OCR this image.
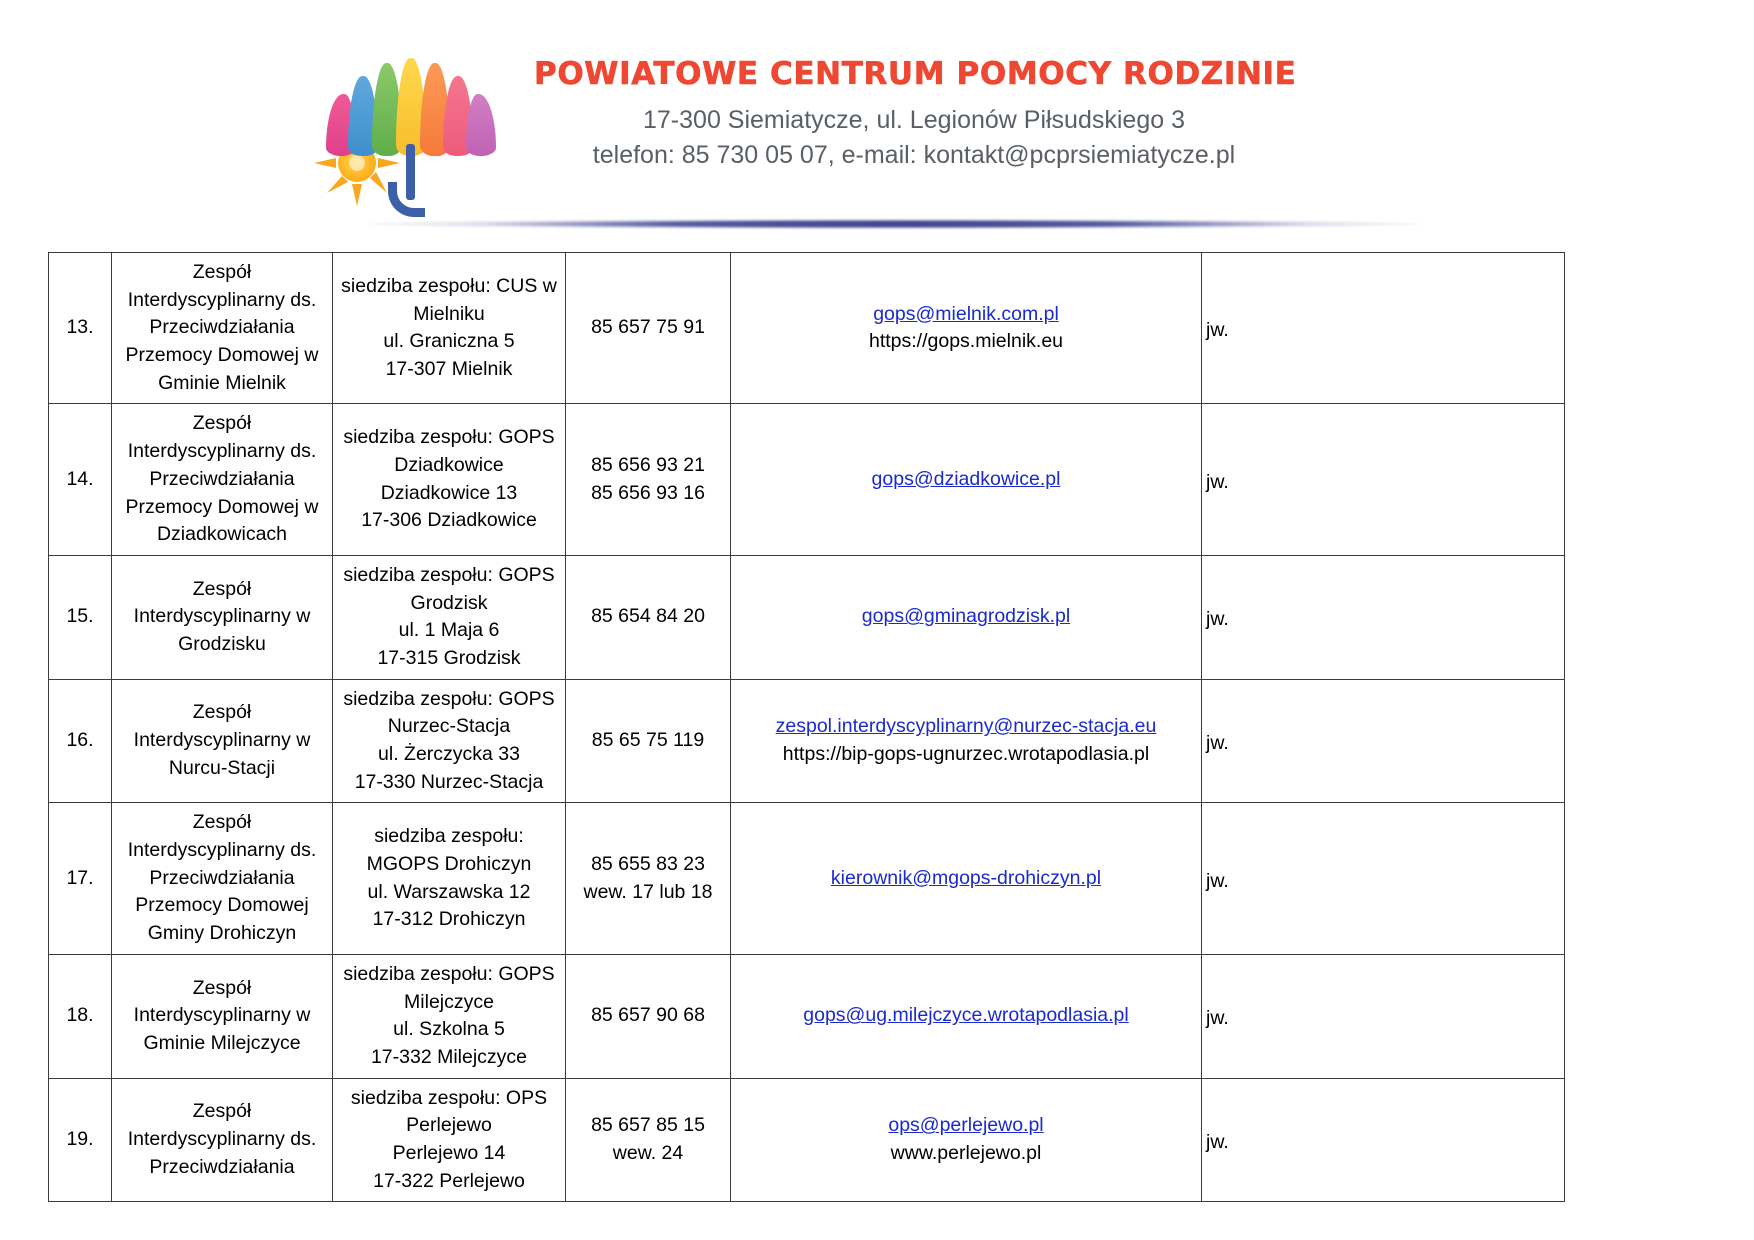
POWIATOWE CENTRUM POMOCY RODZINIE
17-300 Siemiatycze, ul. Legionów Piłsudskiego 3
telefon: 85 730 05 07, e-mail: kontakt@pcprsiemiatycze.pl
13.	Zespół
Interdyscyplinarny ds.
Przeciwdziałania
Przemocy Domowej w
Gminie Mielnik	siedziba zespołu: CUS w
Mielniku
ul. Graniczna 5
17-307 Mielnik	85 657 75 91	gops@mielnik.com.pl
https://gops.mielnik.eu	jw.

14.	Zespół
Interdyscyplinarny ds.
Przeciwdziałania
Przemocy Domowej w
Dziadkowicach	siedziba zespołu: GOPS
Dziadkowice
Dziadkowice 13
17-306 Dziadkowice	85 656 93 21
85 656 93 16	gops@dziadkowice.pl	jw.

15.	Zespół
Interdyscyplinarny w
Grodzisku	siedziba zespołu: GOPS
Grodzisk
ul. 1 Maja 6
17-315 Grodzisk	85 654 84 20	gops@gminagrodzisk.pl	jw.

16.	Zespół
Interdyscyplinarny w
Nurcu-Stacji	siedziba zespołu: GOPS
Nurzec-Stacja
ul. Żerczycka 33
17-330 Nurzec-Stacja	85 65 75 119	zespol.interdyscyplinarny@nurzec-stacja.eu
https://bip-gops-ugnurzec.wrotapodlasia.pl	jw.

17.	Zespół
Interdyscyplinarny ds.
Przeciwdziałania
Przemocy Domowej
Gminy Drohiczyn	siedziba zespołu:
MGOPS Drohiczyn
ul. Warszawska 12
17-312 Drohiczyn	85 655 83 23
wew. 17 lub 18	kierownik@mgops-drohiczyn.pl	jw.

18.	Zespół
Interdyscyplinarny w
Gminie Milejczyce	siedziba zespołu: GOPS
Milejczyce
ul. Szkolna 5
17-332 Milejczyce	85 657 90 68	gops@ug.milejczyce.wrotapodlasia.pl	jw.

19.	Zespół
Interdyscyplinarny ds.
Przeciwdziałania	siedziba zespołu: OPS
Perlejewo
Perlejewo 14
17-322 Perlejewo	85 657 85 15
wew. 24	ops@perlejewo.pl
www.perlejewo.pl	jw.
